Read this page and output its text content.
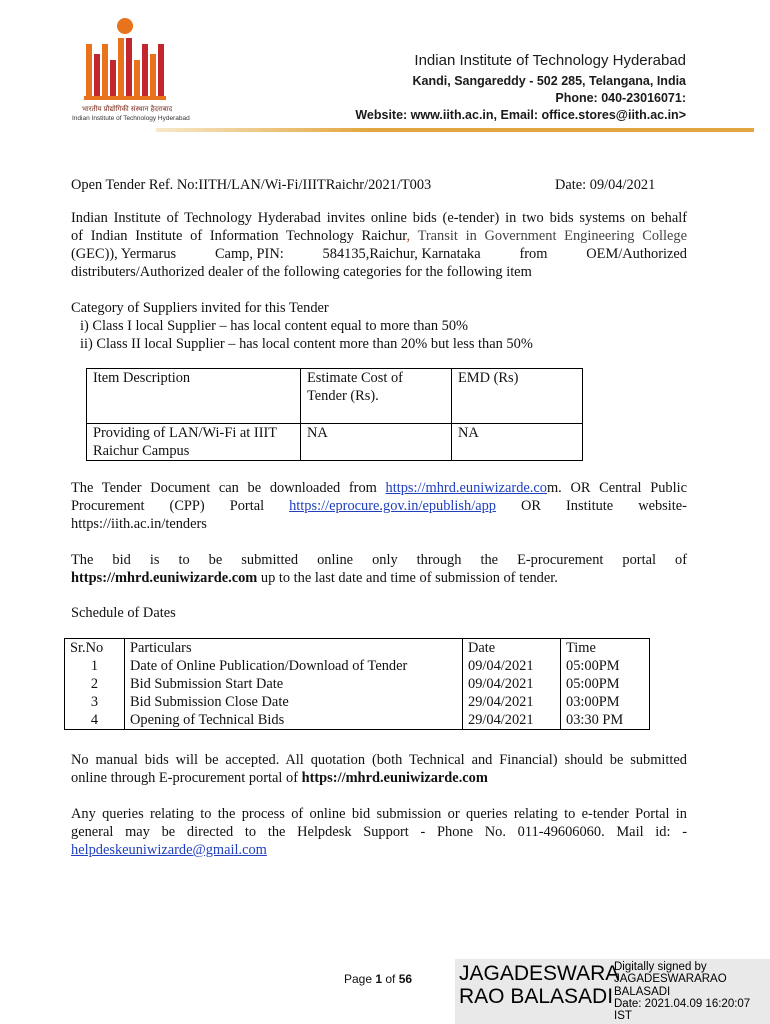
भारतीय प्रौद्योगिकी संस्थान हैदराबाद
Indian Institute of Technology Hyderabad
Indian Institute of Technology Hyderabad
Kandi, Sangareddy - 502 285, Telangana, India
Phone: 040-23016071:
Website: www.iith.ac.in, Email: office.stores@iith.ac.in>
Open Tender Ref. No:IITH/LAN/Wi-Fi/IIITRaichr/2021/T003	Date: 09/04/2021
Indian Institute of Technology Hyderabad invites online bids (e-tender) in two bids systems on behalf
of Indian Institute of Information Technology Raichur, Transit in Government Engineering College
(GEC)), Yermarus	Camp, PIN:	584135,Raichur, Karnataka	from	OEM/Authorized
distributers/Authorized dealer of the following categories for the following item
Category of Suppliers invited for this Tender
i) Class I local Supplier – has local content equal to more than 50%
ii) Class II local Supplier – has local content more than 20% but less than 50%
Item Description	Estimate Cost of Tender (Rs).	EMD (Rs)
Providing of LAN/Wi-Fi at IIIT Raichur Campus	NA	NA
The Tender Document can be downloaded from https://mhrd.euniwizarde.com. OR Central Public
Procurement (CPP) Portal https://eprocure.gov.in/epublish/app OR Institute website-
https://iith.ac.in/tenders
The bid is to be submitted online only through the E-procurement portal of
https://mhrd.euniwizarde.com up to the last date and time of submission of tender.
Schedule of Dates
Sr.No	Particulars	Date	Time
1	Date of Online Publication/Download of Tender	09/04/2021	05:00PM
2	Bid Submission Start Date	09/04/2021	05:00PM
3	Bid Submission Close Date	29/04/2021	03:00PM
4	Opening of Technical Bids	29/04/2021	03:30 PM
No manual bids will be accepted. All quotation (both Technical and Financial) should be submitted
online through E-procurement portal of https://mhrd.euniwizarde.com
Any queries relating to the process of online bid submission or queries relating to e-tender Portal in
general may be directed to the Helpdesk Support - Phone No. 011-49606060. Mail id: -
helpdeskeuniwizarde@gmail.com
Page 1 of 56 JAGADESWARA
RAO BALASADI
Digitally signed by
JAGADESWARARAO
BALASADI
Date: 2021.04.09 16:20:07
IST
